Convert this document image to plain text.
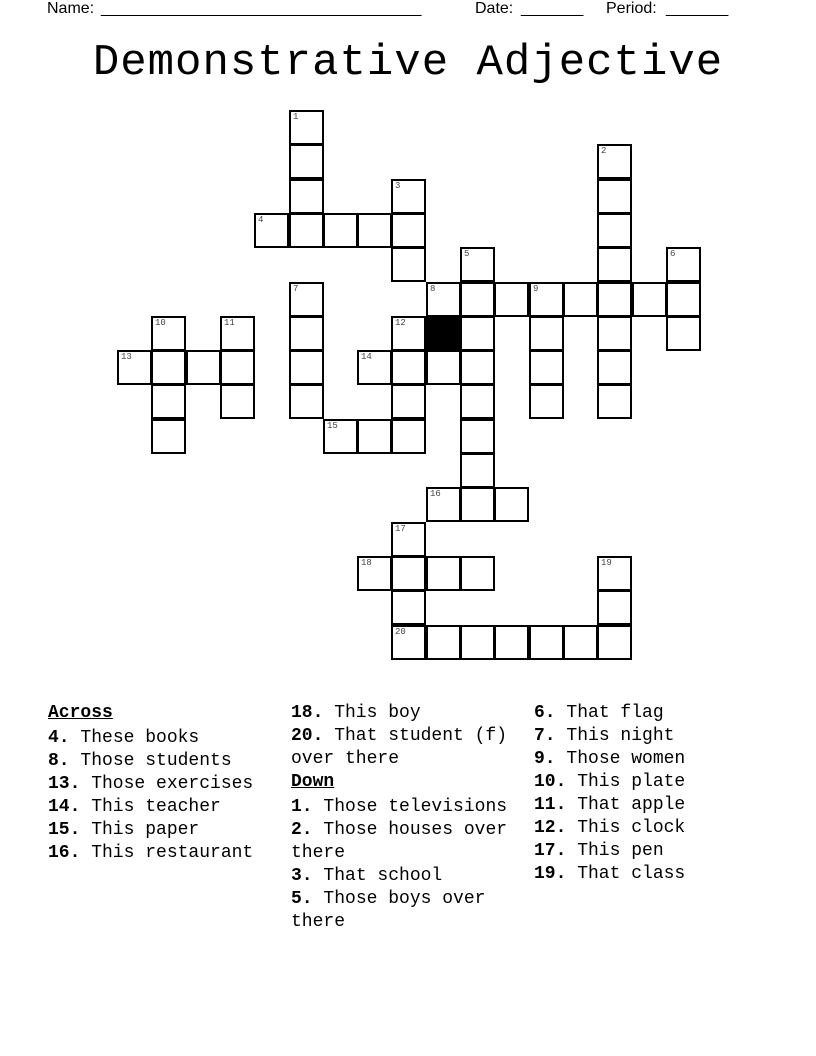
Name: ____________________________________	Date: _______ Period: _______
Demonstrative Adjective
1
2
3
4
5	6
7	8	9
10	11	12
13	14
15
16
17
18	19
20
Across
4. These books
8. Those students
13. Those exercises
14. This teacher
15. This paper
16. This restaurant
18. This boy
20. That student (f) over there
Down
1. Those televisions
2. Those houses over there
3. That school
5. Those boys over there
6. That flag
7. This night
9. Those women
10. This plate
11. That apple
12. This clock
17. This pen
19. That class
